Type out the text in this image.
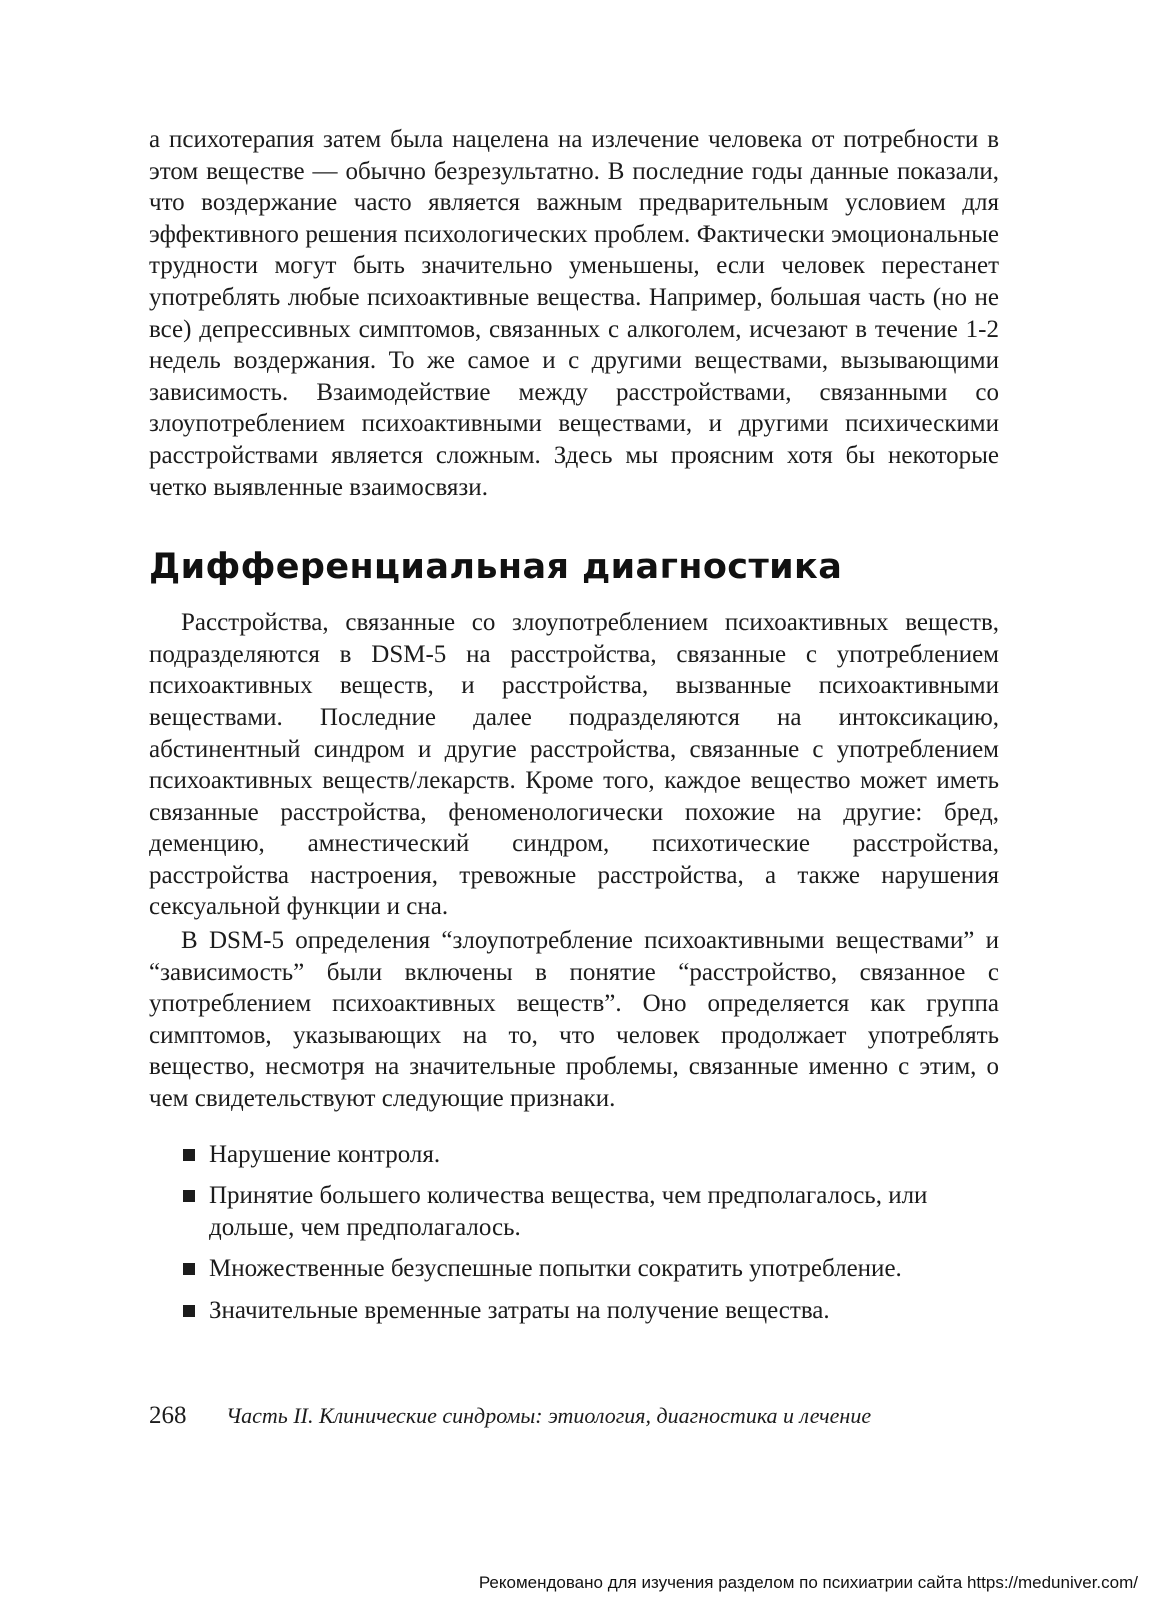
а психотерапия затем была нацелена на излечение человека от потребности в этом веществе — обычно безрезультатно. В последние годы данные показали, что воздержание часто является важным предварительным условием для эффективного решения психологических проблем. Фактически эмоциональные трудности могут быть значительно уменьшены, если человек перестанет употреблять любые психоактивные вещества. Например, большая часть (но не все) депрессивных симптомов, связанных с алкоголем, исчезают в течение 1-2 недель воздержания. То же самое и с другими веществами, вызывающими зависимость. Взаимодействие между расстройствами, связанными со злоупотреблением психоактивными веществами, и другими психическими расстройствами является сложным. Здесь мы проясним хотя бы некоторые четко выявленные взаимосвязи.

Дифференциальная диагностика

Расстройства, связанные со злоупотреблением психоактивных веществ, подразделяются в DSM-5 на расстройства, связанные с употреблением психоактивных веществ, и расстройства, вызванные психоактивными веществами. Последние далее подразделяются на интоксикацию, абстинентный синдром и другие расстройства, связанные с употреблением психоактивных веществ/лекарств. Кроме того, каждое вещество может иметь связанные расстройства, феноменологически похожие на другие: бред, деменцию, амнестический синдром, психотические расстройства, расстройства настроения, тревожные расстройства, а также нарушения сексуальной функции и сна.

В DSM-5 определения “злоупотребление психоактивными веществами” и “зависимость” были включены в понятие “расстройство, связанное с употреблением психоактивных веществ”. Оно определяется как группа симптомов, указывающих на то, что человек продолжает употреблять вещество, несмотря на значительные проблемы, связанные именно с этим, о чем свидетельствуют следующие признаки.

Нарушение контроля.
Принятие большего количества вещества, чем предполагалось, или дольше, чем предполагалось.
Множественные безуспешные попытки сократить употребление.
Значительные временные затраты на получение вещества.
268 Часть II. Клинические синдромы: этиология, диагностика и лечение
Рекомендовано для изучения разделом по психиатрии сайта https://meduniver.com/
